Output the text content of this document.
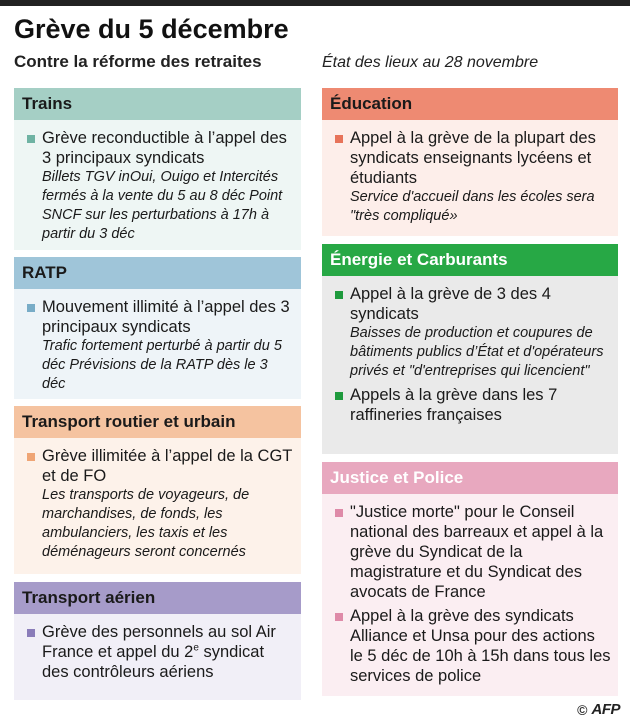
Grève du 5 décembre
Contre la réforme des retraites	État des lieux au 28 novembre
Trains
Grève reconductible à l’appel des 3 principaux syndicats
Billets TGV inOui, Ouigo et Intercités fermés à la vente du 5 au 8 déc Point SNCF sur les perturbations à 17h à partir du 3 déc
RATP
Mouvement illimité à l’appel des 3 principaux syndicats
Trafic fortement perturbé à partir du 5 déc Prévisions de la RATP dès le 3 déc
Transport routier et urbain
Grève illimitée à l’appel de la CGT et de FO
Les transports de voyageurs, de marchandises, de fonds, les ambulanciers, les taxis et les déménageurs seront concernés
Transport aérien
Grève des personnels au sol Air France et appel du 2e syndicat des contrôleurs aériens
Éducation
Appel à la grève de la plupart des syndicats enseignants lycéens et étudiants
Service d'accueil dans les écoles sera "très compliqué»
Énergie et Carburants
Appel à la grève de 3 des 4 syndicats
Baisses de production et coupures de bâtiments publics d’État et d'opérateurs privés et "d'entreprises qui licencient"
Appels à la grève dans les 7 raffineries françaises
Justice et Police
"Justice morte" pour le Conseil national des barreaux et appel à la grève du Syndicat de la magistrature et du Syndicat des avocats de France
Appel à la grève des syndicats Alliance et Unsa pour des actions le 5 déc de 10h à 15h dans tous les services de police
© AFP
